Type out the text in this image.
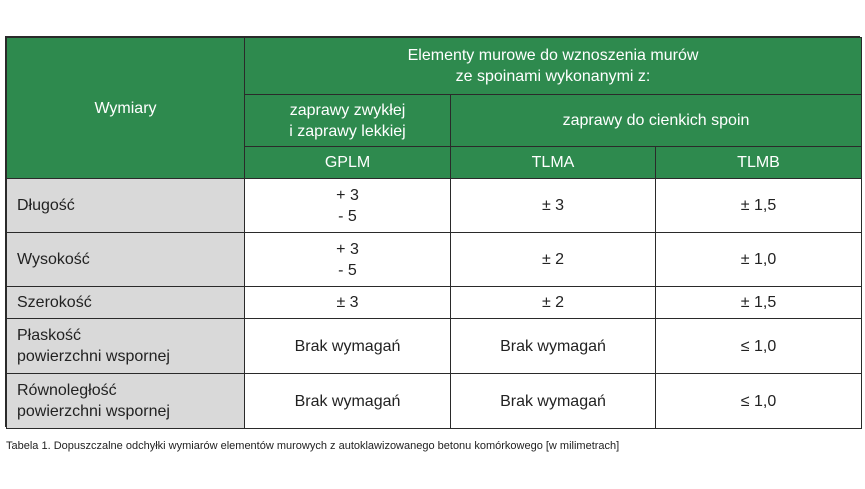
Wymiary	Elementy murowe do wznoszenia murów
ze spoinami wykonanymi z:		

	zaprawy zwykłej
i zaprawy lekkiej	zaprawy do cienkich spoin	
	GPLM	TLMA	TLMB

Długość	+ 3
- 5	± 3	± 1,5

Wysokość	+ 3
- 5	± 2	± 1,0

Szerokość	± 3	± 2	± 1,5

Płaskość
powierzchni wspornej	Brak wymagań	Brak wymagań	≤ 1,0

Równoległość
powierzchni wspornej	Brak wymagań	Brak wymagań	≤ 1,0
Tabela 1. Dopuszczalne odchyłki wymiarów elementów murowych z autoklawizowanego betonu komórkowego [w milimetrach]
